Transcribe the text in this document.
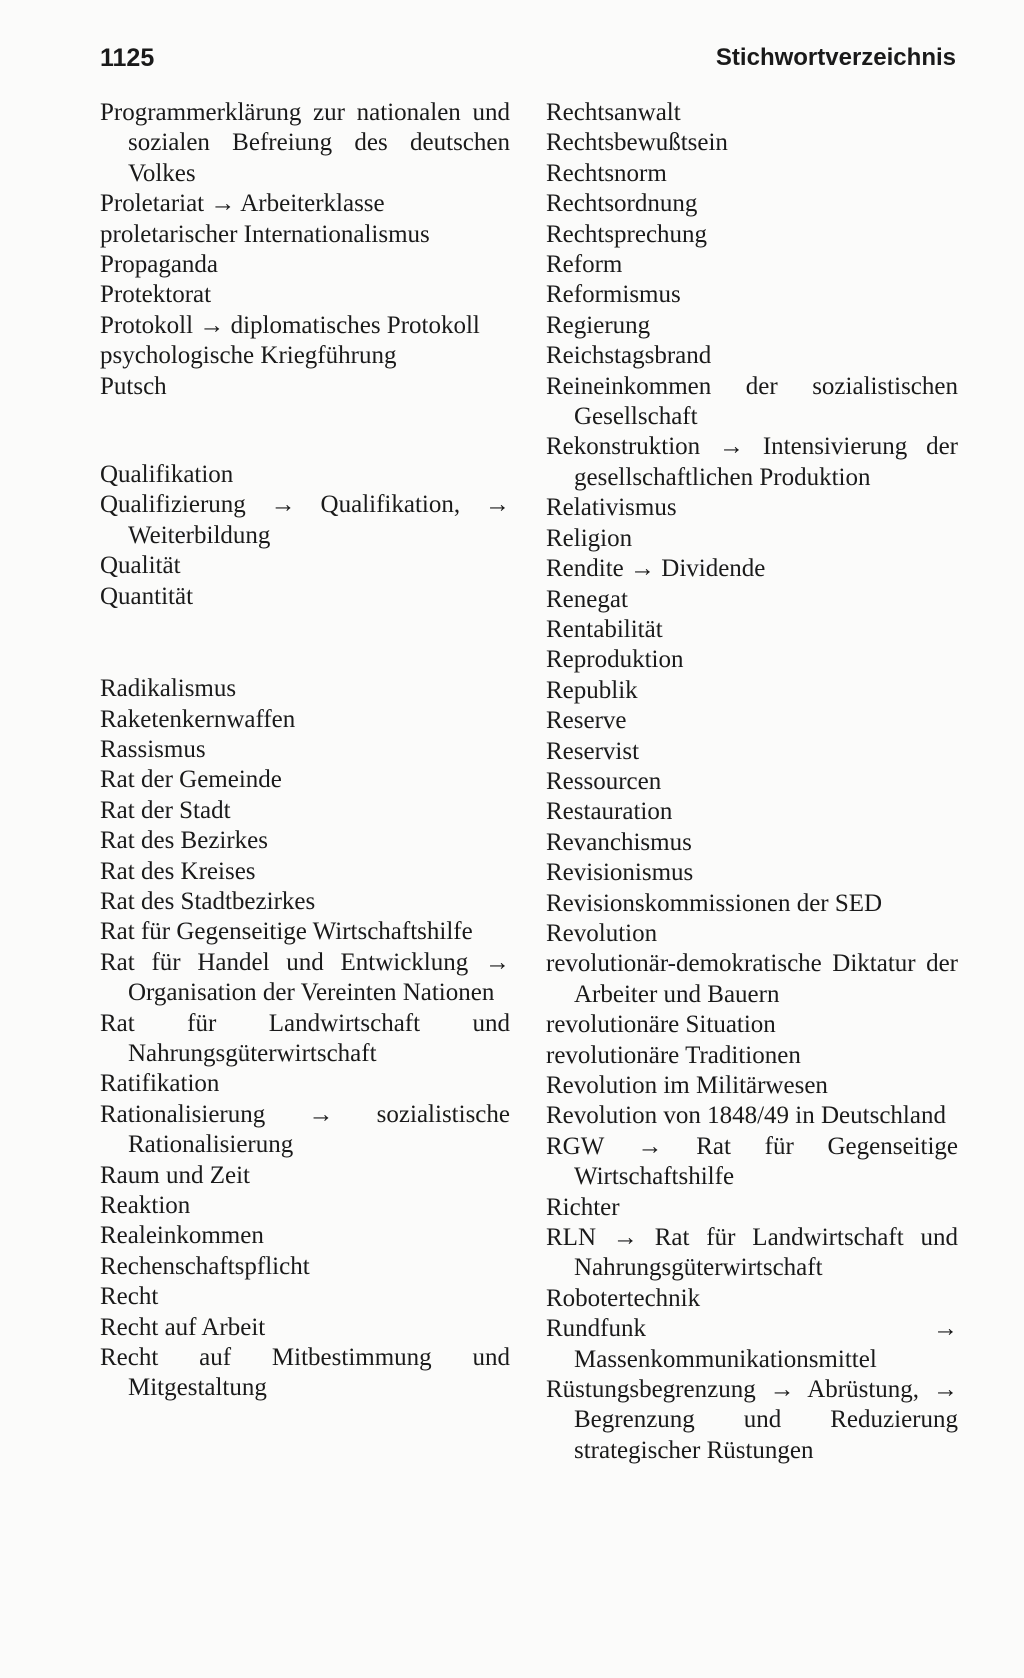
1125	Stichwortverzeichnis
Programmerklärung zur nationalen und sozialen Befreiung des deutschen Volkes
Proletariat → Arbeiterklasse
proletarischer Internationalismus
Propaganda
Protektorat
Protokoll → diplomatisches Protokoll
psychologische Kriegführung
Putsch
Qualifikation
Qualifizierung → Qualifikation, → Weiterbildung
Qualität
Quantität
Radikalismus
Raketenkernwaffen
Rassismus
Rat der Gemeinde
Rat der Stadt
Rat des Bezirkes
Rat des Kreises
Rat des Stadtbezirkes
Rat für Gegenseitige Wirtschaftshilfe
Rat für Handel und Entwicklung → Organisation der Vereinten Nationen
Rat für Landwirtschaft und Nahrungsgüterwirtschaft
Ratifikation
Rationalisierung → sozialistische Rationalisierung
Raum und Zeit
Reaktion
Realeinkommen
Rechenschaftspflicht
Recht
Recht auf Arbeit
Recht auf Mitbestimmung und Mitgestaltung
Rechtsanwalt
Rechtsbewußtsein
Rechtsnorm
Rechtsordnung
Rechtsprechung
Reform
Reformismus
Regierung
Reichstagsbrand
Reineinkommen der sozialistischen Gesellschaft
Rekonstruktion → Intensivierung der gesellschaftlichen Produktion
Relativismus
Religion
Rendite → Dividende
Renegat
Rentabilität
Reproduktion
Republik
Reserve
Reservist
Ressourcen
Restauration
Revanchismus
Revisionismus
Revisionskommissionen der SED
Revolution
revolutionär-demokratische Diktatur der Arbeiter und Bauern
revolutionäre Situation
revolutionäre Traditionen
Revolution im Militärwesen
Revolution von 1848/49 in Deutschland
RGW → Rat für Gegenseitige Wirtschaftshilfe
Richter
RLN → Rat für Landwirtschaft und Nahrungsgüterwirtschaft
Robotertechnik
Rundfunk → Massenkommunikationsmittel
Rüstungsbegrenzung → Abrüstung, → Begrenzung und Reduzierung strategischer Rüstungen
